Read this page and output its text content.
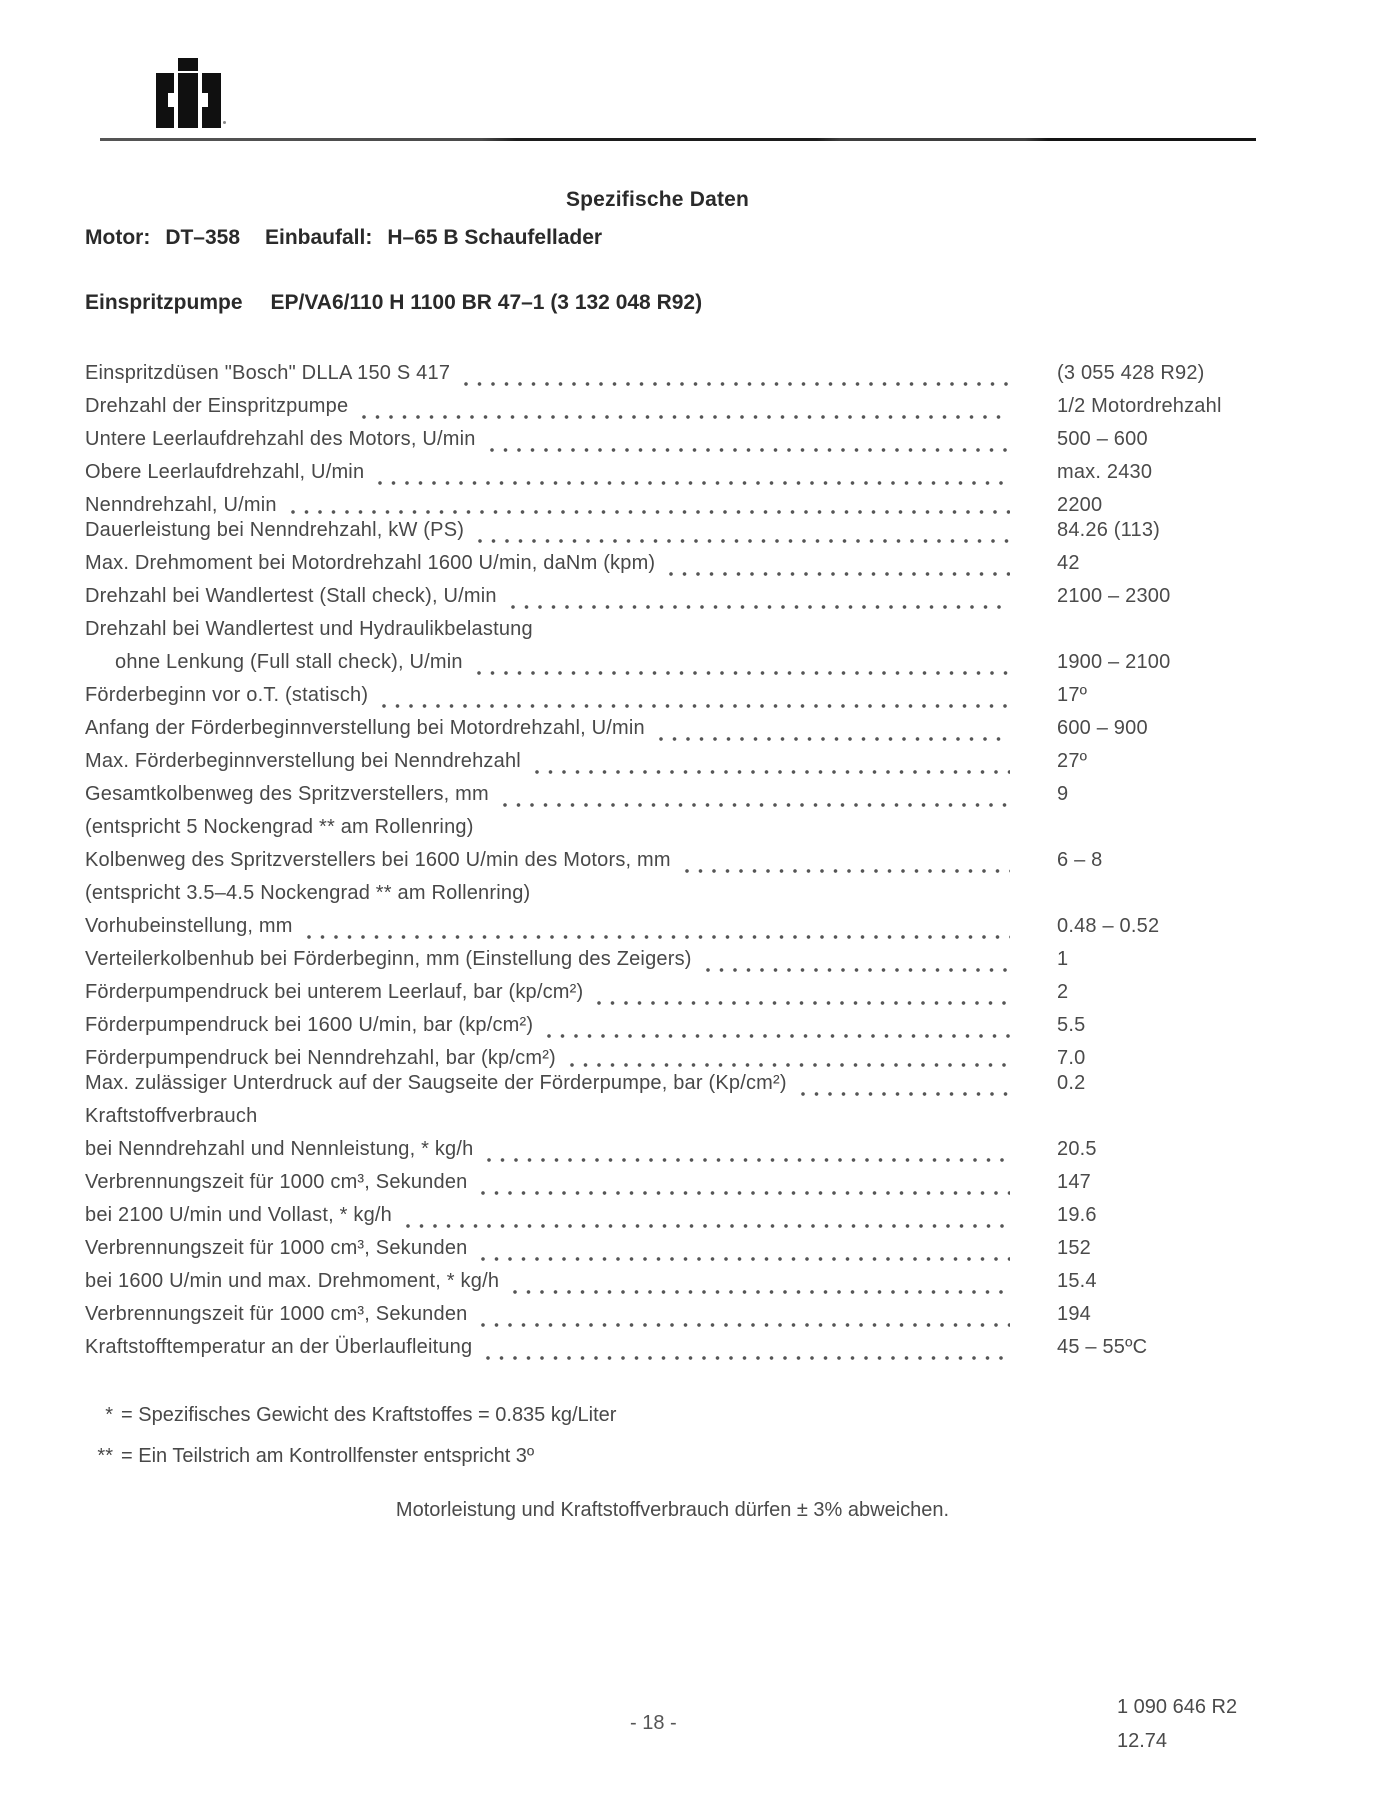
Spezifische Daten
Motor: DT–358 Einbaufall: H–65 B Schaufellader
Einspritzpumpe EP/VA6/110 H 1100 BR 47–1 (3 132 048 R92)
Einspritzdüsen "Bosch" DLLA 150 S 417	(3 055 428 R92)
Drehzahl der Einspritzpumpe	1/2 Motordrehzahl
Untere Leerlaufdrehzahl des Motors, U/min	500 – 600
Obere Leerlaufdrehzahl, U/min	max. 2430
Nenndrehzahl, U/min	2200
Dauerleistung bei Nenndrehzahl, kW (PS)	84.26 (113)
Max. Drehmoment bei Motordrehzahl 1600 U/min, daNm (kpm)	42
Drehzahl bei Wandlertest (Stall check), U/min	2100 – 2300
Drehzahl bei Wandlertest und Hydraulikbelastung
ohne Lenkung (Full stall check), U/min	1900 – 2100
Förderbeginn vor o.T. (statisch)	17º
Anfang der Förderbeginnverstellung bei Motordrehzahl, U/min	600 – 900
Max. Förderbeginnverstellung bei Nenndrehzahl	27º
Gesamtkolbenweg des Spritzverstellers, mm	9
(entspricht 5 Nockengrad ** am Rollenring)
Kolbenweg des Spritzverstellers bei 1600 U/min des Motors, mm	6 – 8
(entspricht 3.5–4.5 Nockengrad ** am Rollenring)
Vorhubeinstellung, mm	0.48 – 0.52
Verteilerkolbenhub bei Förderbeginn, mm (Einstellung des Zeigers)	1
Förderpumpendruck bei unterem Leerlauf, bar (kp/cm²)	2
Förderpumpendruck bei 1600 U/min, bar (kp/cm²)	5.5
Förderpumpendruck bei Nenndrehzahl, bar (kp/cm²)	7.0
Max. zulässiger Unterdruck auf der Saugseite der Förderpumpe, bar (Kp/cm²)	0.2
Kraftstoffverbrauch
bei Nenndrehzahl und Nennleistung, * kg/h	20.5
Verbrennungszeit für 1000 cm³, Sekunden	147
bei 2100 U/min und Vollast, * kg/h	19.6
Verbrennungszeit für 1000 cm³, Sekunden	152
bei 1600 U/min und max. Drehmoment, * kg/h	15.4
Verbrennungszeit für 1000 cm³, Sekunden	194
Kraftstofftemperatur an der Überlaufleitung	45 – 55ºC
* = Spezifisches Gewicht des Kraftstoffes = 0.835 kg/Liter
** = Ein Teilstrich am Kontrollfenster entspricht 3º
Motorleistung und Kraftstoffverbrauch dürfen ± 3% abweichen.
- 18 -
1 090 646 R2
12.74
